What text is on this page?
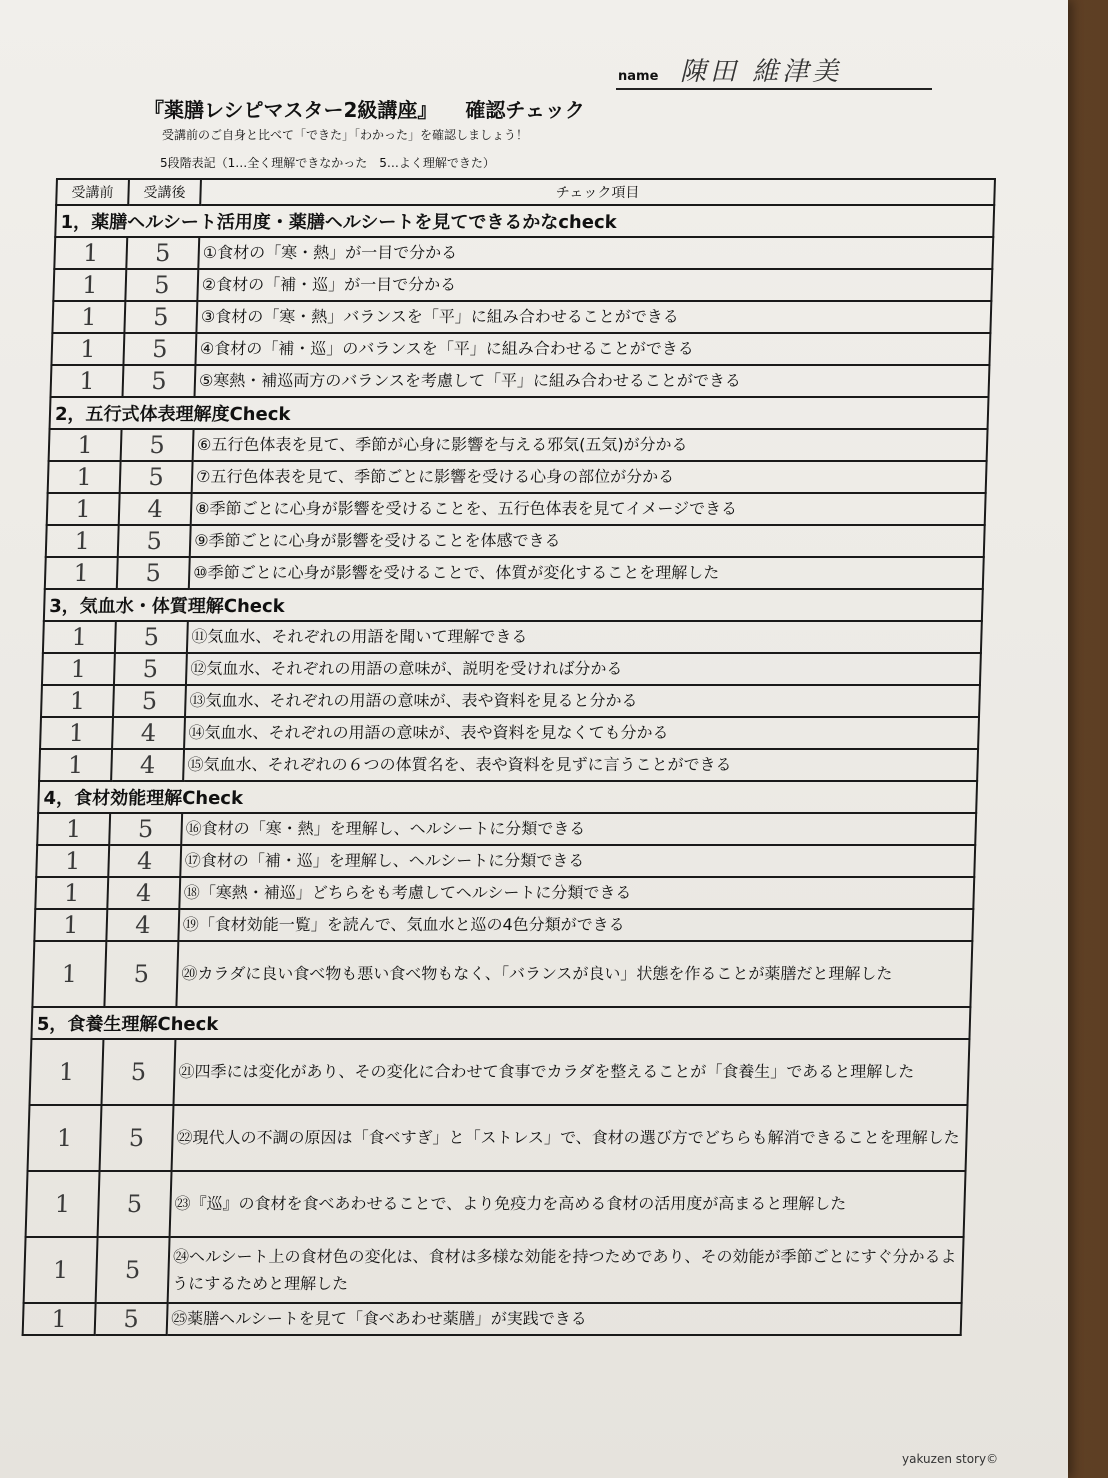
name 陳田 維津美
『薬膳レシピマスター2級講座』 確認チェック
受講前のご自身と比べて「できた」「わかった」を確認しましょう！
5段階表記（1…全く理解できなかった　5…よく理解できた）
受講前	受講後	チェック項目
1，薬膳ヘルシート活用度・薬膳ヘルシートを見てできるかなcheck		
1	5	①食材の「寒・熱」が一目で分かる
1	5	②食材の「補・巡」が一目で分かる
1	5	③食材の「寒・熱」バランスを「平」に組み合わせることができる
1	5	④食材の「補・巡」のバランスを「平」に組み合わせることができる
1	5	⑤寒熱・補巡両方のバランスを考慮して「平」に組み合わせることができる
2，五行式体表理解度Check		
1	5	⑥五行色体表を見て、季節が心身に影響を与える邪気(五気)が分かる
1	5	⑦五行色体表を見て、季節ごとに影響を受ける心身の部位が分かる
1	4	⑧季節ごとに心身が影響を受けることを、五行色体表を見てイメージできる
1	5	⑨季節ごとに心身が影響を受けることを体感できる
1	5	⑩季節ごとに心身が影響を受けることで、体質が変化することを理解した
3，気血水・体質理解Check		
1	5	⑪気血水、それぞれの用語を聞いて理解できる
1	5	⑫気血水、それぞれの用語の意味が、説明を受ければ分かる
1	5	⑬気血水、それぞれの用語の意味が、表や資料を見ると分かる
1	4	⑭気血水、それぞれの用語の意味が、表や資料を見なくても分かる
1	4	⑮気血水、それぞれの６つの体質名を、表や資料を見ずに言うことができる
4，食材効能理解Check		
1	5	⑯食材の「寒・熱」を理解し、ヘルシートに分類できる
1	4	⑰食材の「補・巡」を理解し、ヘルシートに分類できる
1	4	⑱「寒熱・補巡」どちらをも考慮してヘルシートに分類できる
1	4	⑲「食材効能一覧」を読んで、気血水と巡の4色分類ができる
1	5	⑳カラダに良い食べ物も悪い食べ物もなく、「バランスが良い」状態を作ることが薬膳だと理解した
5，食養生理解Check		
1	5	㉑四季には変化があり、その変化に合わせて食事でカラダを整えることが「食養生」であると理解した
1	5	㉒現代人の不調の原因は「食べすぎ」と「ストレス」で、食材の選び方でどちらも解消できることを理解した
1	5	㉓『巡』の食材を食べあわせることで、より免疫力を高める食材の活用度が高まると理解した
1	5	㉔ヘルシート上の食材色の変化は、食材は多様な効能を持つためであり、その効能が季節ごとにすぐ分かるようにするためと理解した
1	5	㉕薬膳ヘルシートを見て「食べあわせ薬膳」が実践できる
yakuzen story©
